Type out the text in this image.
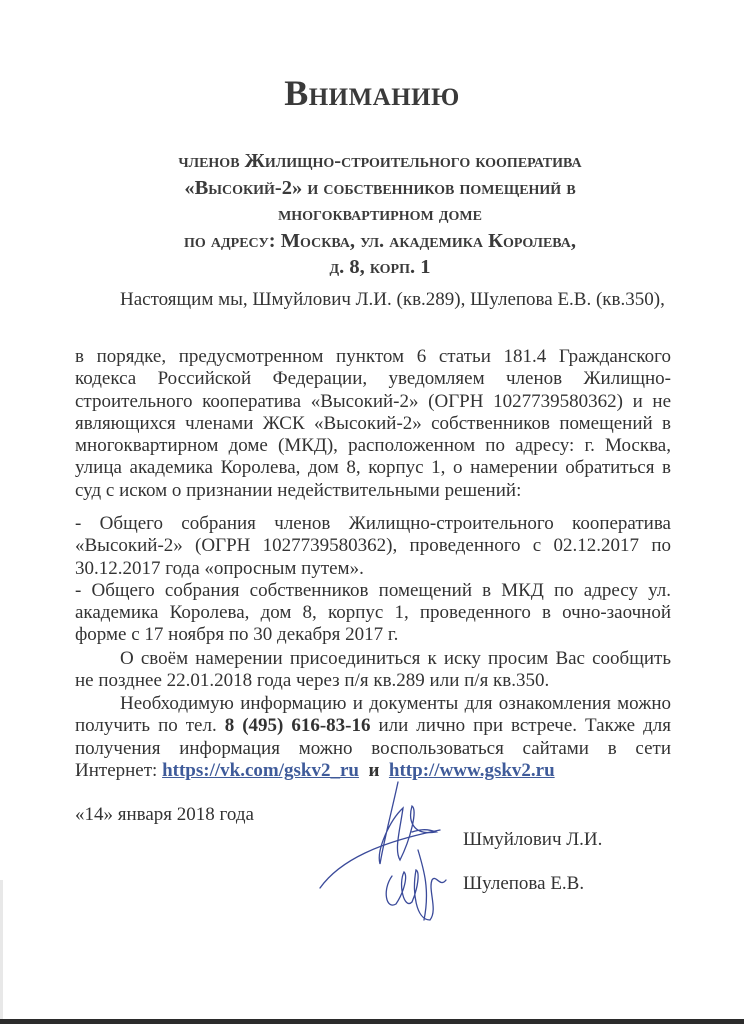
Вниманию
членов Жилищно-строительного кооператива
«Высокий-2» и собственников помещений в
многоквартирном доме
по адресу: Москва, ул. академика Королева,
д. 8, корп. 1
Настоящим мы, Шмуйлович Л.И. (кв.289), Шулепова Е.В. (кв.350),
в порядке, предусмотренном пунктом 6 статьи 181.4 Гражданского кодекса Российской Федерации, уведомляем членов Жилищно-строительного кооператива «Высокий-2» (ОГРН 1027739580362) и не являющихся членами ЖСК «Высокий-2» собственников помещений в многоквартирном доме (МКД), расположенном по адресу: г. Москва, улица академика Королева, дом 8, корпус 1, о намерении обратиться в суд с иском о признании недействительными решений:

- Общего собрания членов Жилищно-строительного кооператива «Высокий-2» (ОГРН 1027739580362), проведенного с 02.12.2017 по 30.12.2017 года «опросным путем».

- Общего собрания собственников помещений в МКД по адресу ул. академика Королева, дом 8, корпус 1, проведенного в очно-заочной форме с 17 ноября по 30 декабря 2017 г.

О своём намерении присоединиться к иску просим Вас сообщить не позднее 22.01.2018 года через п/я кв.289 или п/я кв.350.
Необходимую информацию и документы для ознакомления можно получить по тел. 8 (495) 616-83-16 или лично при встрече. Также для получения информация можно воспользоваться сайтами в сети Интернет: https://vk.com/gskv2_ru  и  http://www.gskv2.ru
«14» января 2018 года
Шмуйлович Л.И.
Шулепова Е.В.
